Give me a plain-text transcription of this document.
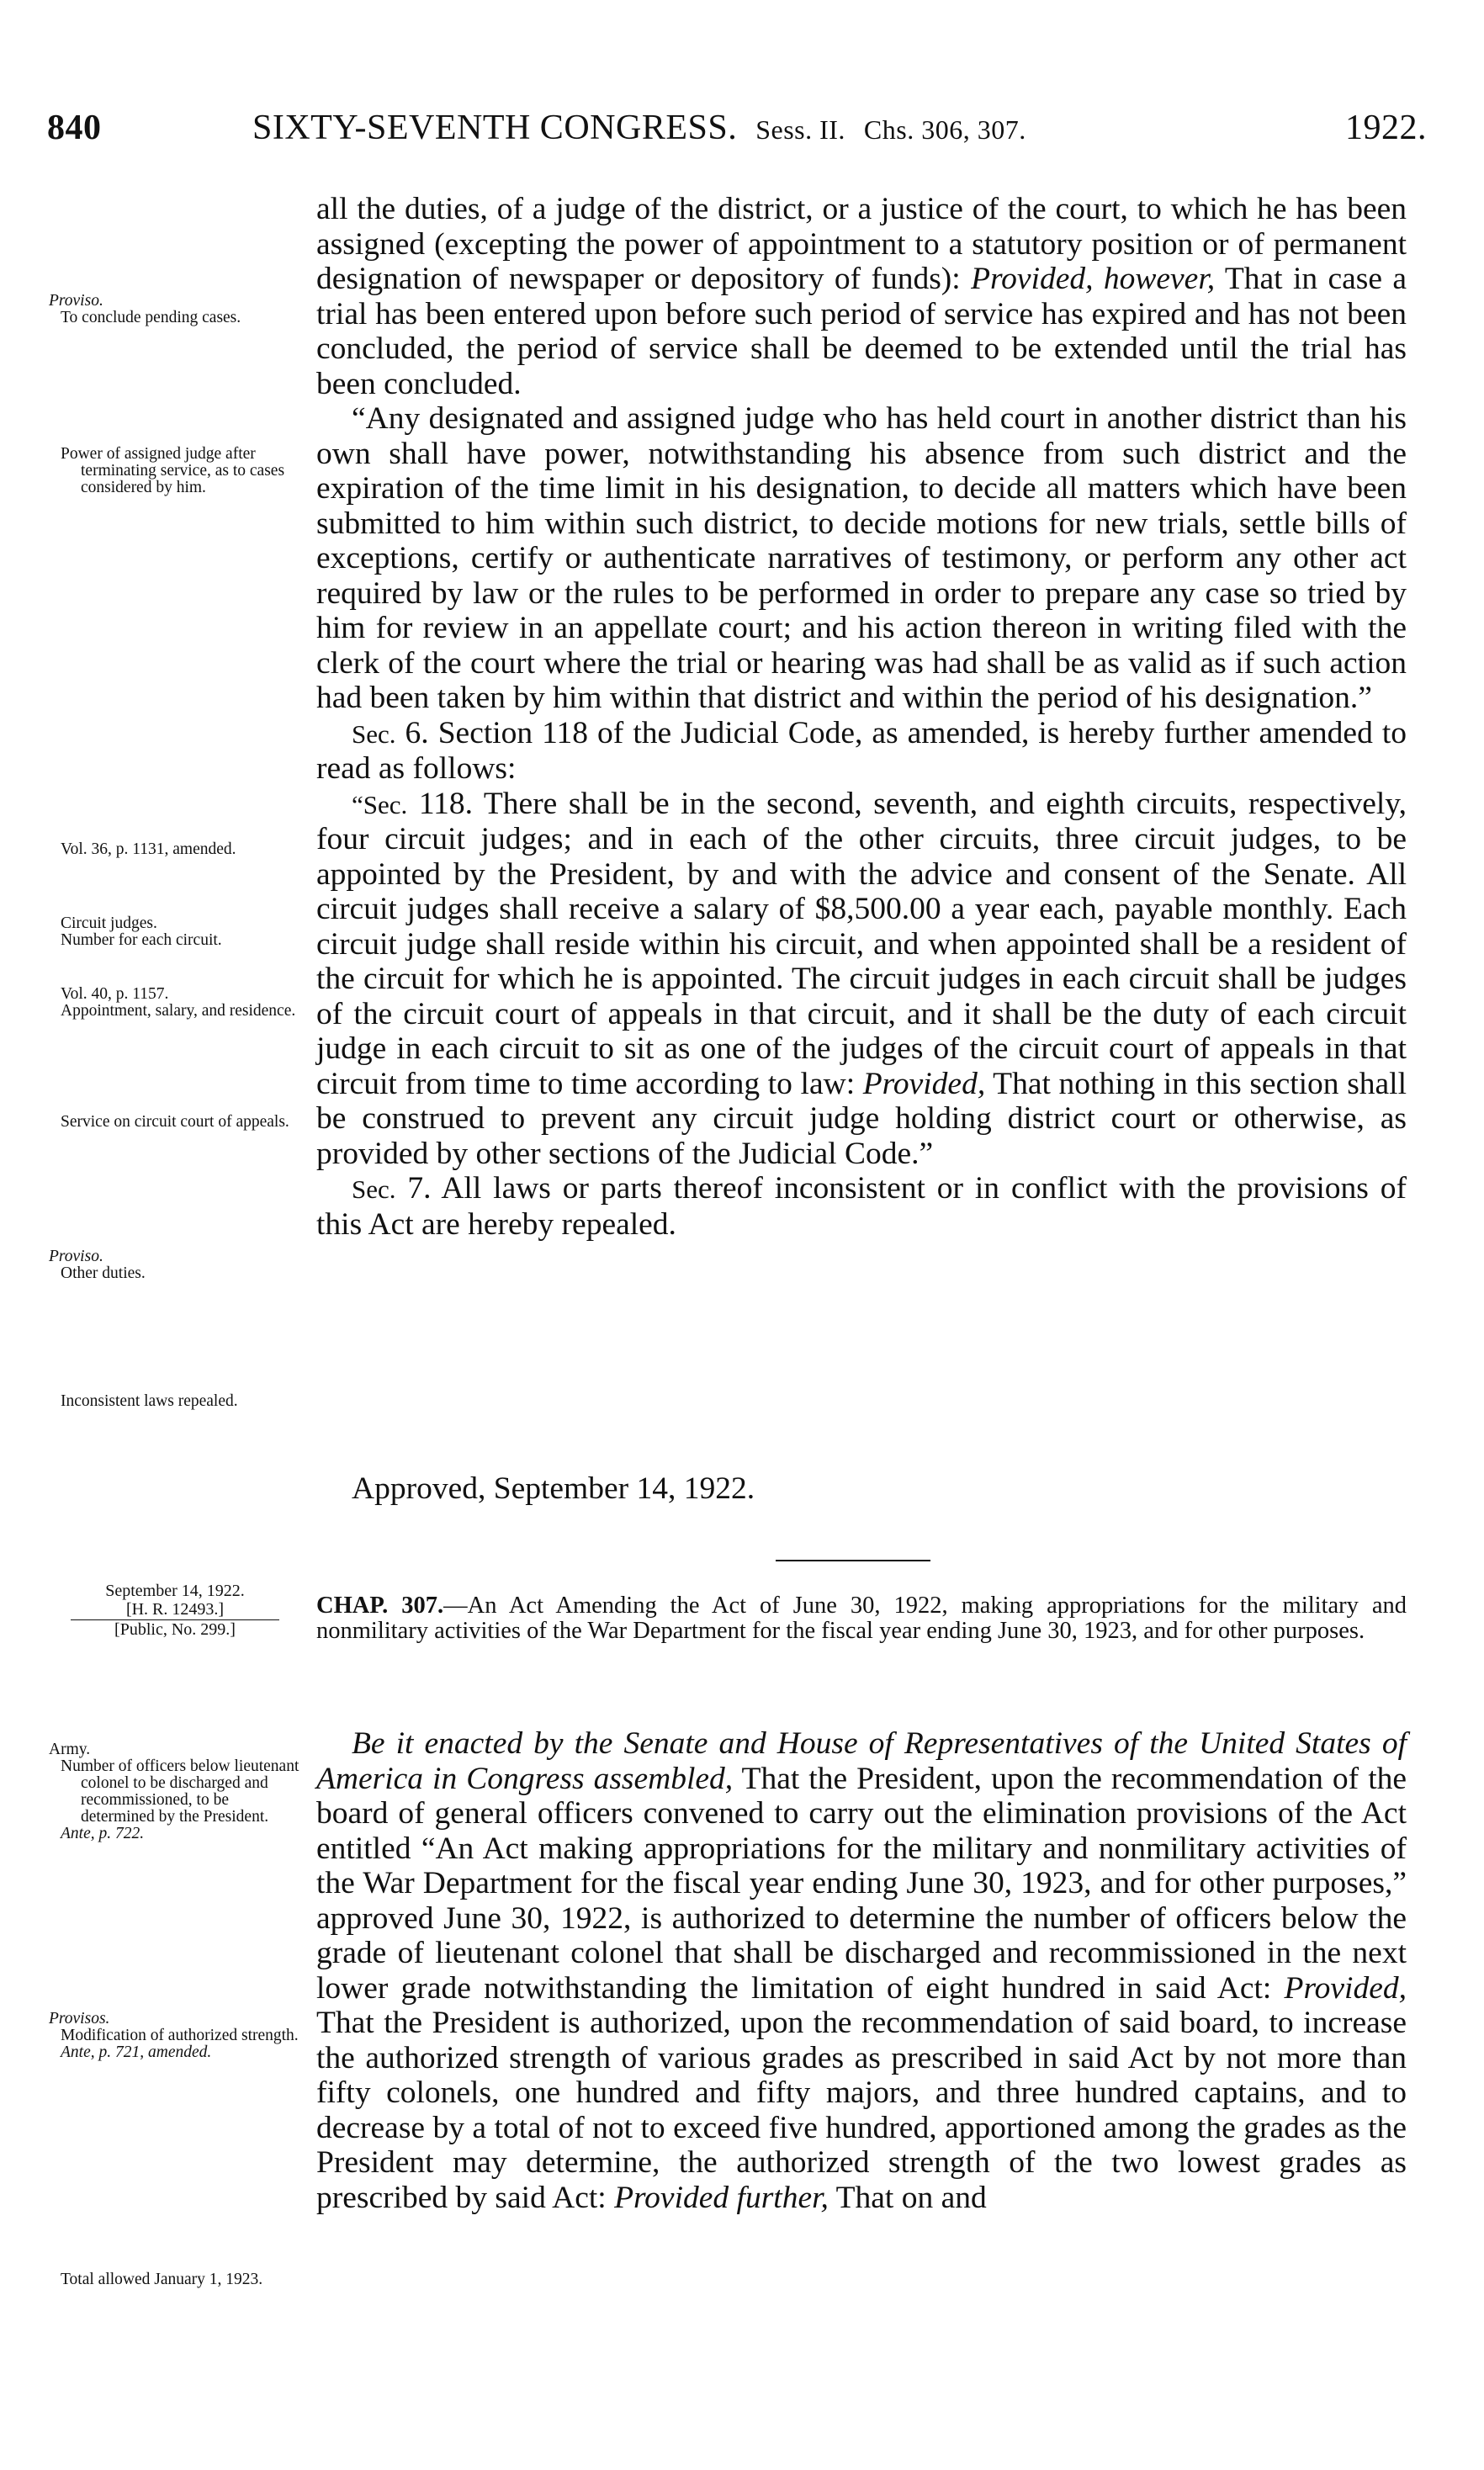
840	SIXTY-SEVENTH CONGRESS. Sess. II. Chs. 306, 307.	1922.
Proviso.
To conclude pending cases.
Power of assigned judge after terminating service, as to cases considered by him.
Vol. 36, p. 1131, amended.
Circuit judges.
Number for each circuit.
Vol. 40, p. 1157.
Appointment, salary, and residence.
Service on circuit court of appeals.
Proviso.
Other duties.
Inconsistent laws repealed.

all the duties, of a judge of the district, or a justice of the court, to which he has been assigned (excepting the power of appointment to a statutory position or of permanent designation of newspaper or depository of funds): Provided, however, That in case a trial has been entered upon before such period of service has expired and has not been concluded, the period of service shall be deemed to be extended until the trial has been concluded.

“Any designated and assigned judge who has held court in another district than his own shall have power, notwithstanding his absence from such district and the expiration of the time limit in his designation, to decide all matters which have been submitted to him within such district, to decide motions for new trials, settle bills of exceptions, certify or authenticate narratives of testimony, or perform any other act required by law or the rules to be performed in order to prepare any case so tried by him for review in an appellate court; and his action thereon in writing filed with the clerk of the court where the trial or hearing was had shall be as valid as if such action had been taken by him within that district and within the period of his designation.”

Sec. 6. Section 118 of the Judicial Code, as amended, is hereby further amended to read as follows:

“Sec. 118. There shall be in the second, seventh, and eighth circuits, respectively, four circuit judges; and in each of the other circuits, three circuit judges, to be appointed by the President, by and with the advice and consent of the Senate. All circuit judges shall receive a salary of $8,500.00 a year each, payable monthly. Each circuit judge shall reside within his circuit, and when appointed shall be a resident of the circuit for which he is appointed. The circuit judges in each circuit shall be judges of the circuit court of appeals in that circuit, and it shall be the duty of each circuit judge in each circuit to sit as one of the judges of the circuit court of appeals in that circuit from time to time according to law: Provided, That nothing in this section shall be construed to prevent any circuit judge holding district court or otherwise, as provided by other sections of the Judicial Code.”

Sec. 7. All laws or parts thereof inconsistent or in conflict with the provisions of this Act are hereby repealed.

Approved, September 14, 1922.
September 14, 1922.
[H. R. 12493.]
[Public, No. 299.]
CHAP. 307.—An Act Amending the Act of June 30, 1922, making appropriations for the military and nonmilitary activities of the War Department for the fiscal year ending June 30, 1923, and for other purposes.
Army.
Number of officers below lieutenant colonel to be discharged and recommissioned, to be determined by the President.
Ante, p. 722.
Provisos.
Modification of authorized strength.
Ante, p. 721, amended.
Total allowed January 1, 1923.

Be it enacted by the Senate and House of Representatives of the United States of America in Congress assembled, That the President, upon the recommendation of the board of general officers convened to carry out the elimination provisions of the Act entitled “An Act making appropriations for the military and nonmilitary activities of the War Department for the fiscal year ending June 30, 1923, and for other purposes,” approved June 30, 1922, is authorized to determine the number of officers below the grade of lieutenant colonel that shall be discharged and recommissioned in the next lower grade notwithstanding the limitation of eight hundred in said Act: Provided, That the President is authorized, upon the recommendation of said board, to increase the authorized strength of various grades as prescribed in said Act by not more than fifty colonels, one hundred and fifty majors, and three hundred captains, and to decrease by a total of not to exceed five hundred, apportioned among the grades as the President may determine, the authorized strength of the two lowest grades as prescribed by said Act: Provided further, That on and
